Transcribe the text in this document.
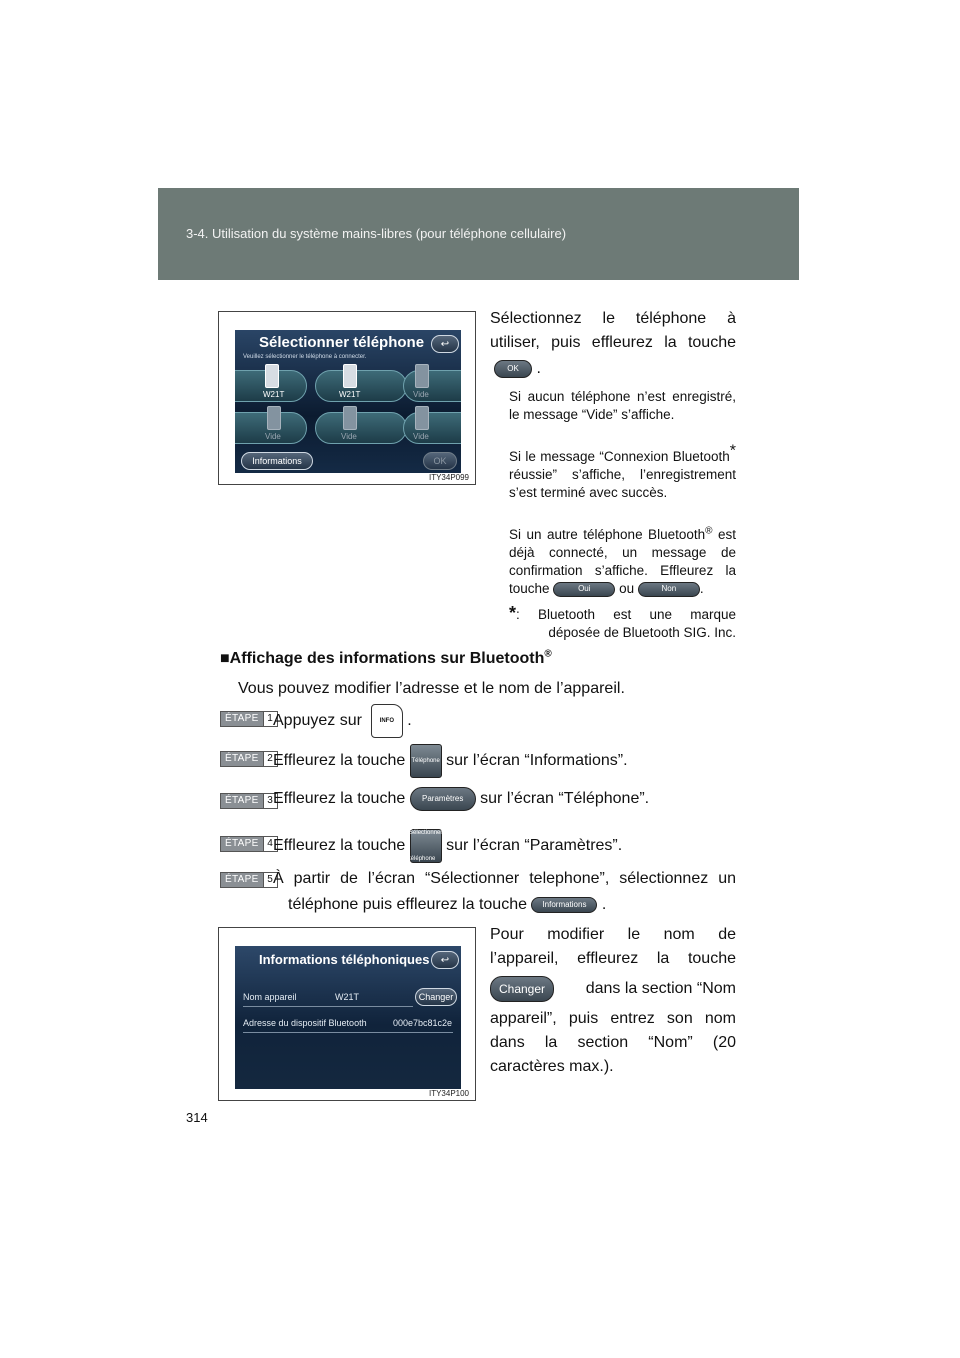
3-4. Utilisation du système mains-libres (pour téléphone cellulaire)
Sélectionner téléphone
Veuillez sélectionner le téléphone à connecter.
↩
W21T	W21T	Vide
Vide	Vide	Vide
Informations	OK
ITY34P099
Sélectionnez le téléphone à
utiliser, puis effleurez la touche
OK .
Si aucun téléphone n’est enregistré, le message “Vide” s’affiche.
Si le message “Connexion Bluetooth* réussie” s’affiche, l’enregistrement s’est terminé avec succès.
Si un autre téléphone Bluetooth® est déjà connecté, un message de confirmation s’affiche. Effleurez la touche	Oui ou	Non .
*: Bluetooth est une marque
déposée de Bluetooth SIG. Inc.
■Affichage des informations sur Bluetooth®
Vous pouvez modifier l’adresse et le nom de l’appareil.
ÉTAPE 1 Appuyez sur	INFO .
ÉTAPE 2 Effleurez la touche Téléphone sur l’écran “Informations”.
ÉTAPE 3 Effleurez la touche Paramètres sur l’écran “Téléphone”.
ÉTAPE 4 Effleurez la touche
Sélectionner téléphone
sur l’écran “Paramètres”.
ÉTAPE 5 À partir de l’écran “Sélectionner telephone”, sélectionnez un
téléphone puis effleurez la touche Informations .
Informations téléphoniques ↩
Nom appareil	W21T	Changer
Adresse du dispositif Bluetooth	000e7bc81c2e
ITY34P100
Pour modifier le nom de
l’appareil, effleurez la touche
Changer	dans la section “Nom
appareil”, puis entrez son nom
dans la section “Nom” (20
caractères max.).
314
